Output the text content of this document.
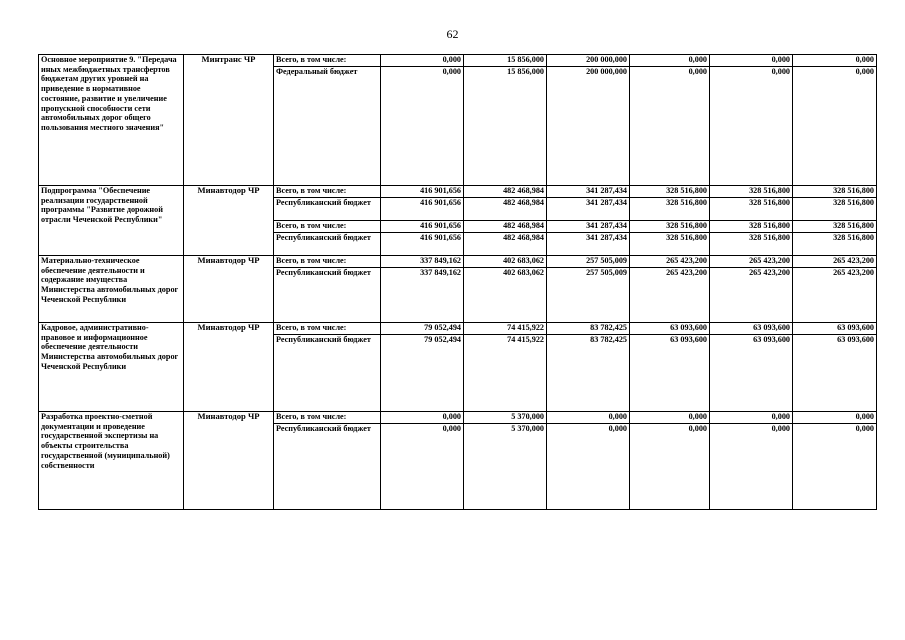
62
Основное мероприятие 9. "Передача иных межбюджетных трансфертов бюджетам других уровней на приведение в нормативное состояние, развитие и увеличение пропускной способности сети автомобильных дорог общего пользования местного значения"	Минтранс ЧР	Всего, в том числе:	0,000	15 856,000	200 000,000	0,000	0,000	0,000
		Федеральный бюджет	0,000	15 856,000	200 000,000	0,000	0,000	0,000
Подпрограмма "Обеспечение реализации государственной программы "Развитие дорожной отрасли Чеченской Республики"	Минавтодор ЧР	Всего, в том числе:	416 901,656	482 468,984	341 287,434	328 516,800	328 516,800	328 516,800
		Республиканский бюджет	416 901,656	482 468,984	341 287,434	328 516,800	328 516,800	328 516,800
		Всего, в том числе:	416 901,656	482 468,984	341 287,434	328 516,800	328 516,800	328 516,800
		Республиканский бюджет	416 901,656	482 468,984	341 287,434	328 516,800	328 516,800	328 516,800
Материально-техническое обеспечение деятельности и содержание имущества Министерства автомобильных дорог Чеченской Республики	Минавтодор ЧР	Всего, в том числе:	337 849,162	402 683,062	257 505,009	265 423,200	265 423,200	265 423,200
		Республиканский бюджет	337 849,162	402 683,062	257 505,009	265 423,200	265 423,200	265 423,200
Кадровое, административно-правовое и информационное обеспечение деятельности Министерства автомобильных дорог Чеченской Республики	Минавтодор ЧР	Всего, в том числе:	79 052,494	74 415,922	83 782,425	63 093,600	63 093,600	63 093,600
		Республиканский бюджет	79 052,494	74 415,922	83 782,425	63 093,600	63 093,600	63 093,600
Разработка проектно-сметной документации и проведение государственной экспертизы на объекты строительства государственной (муниципальной) собственности	Минавтодор ЧР	Всего, в том числе:	0,000	5 370,000	0,000	0,000	0,000	0,000
		Республиканский бюджет	0,000	5 370,000	0,000	0,000	0,000	0,000
